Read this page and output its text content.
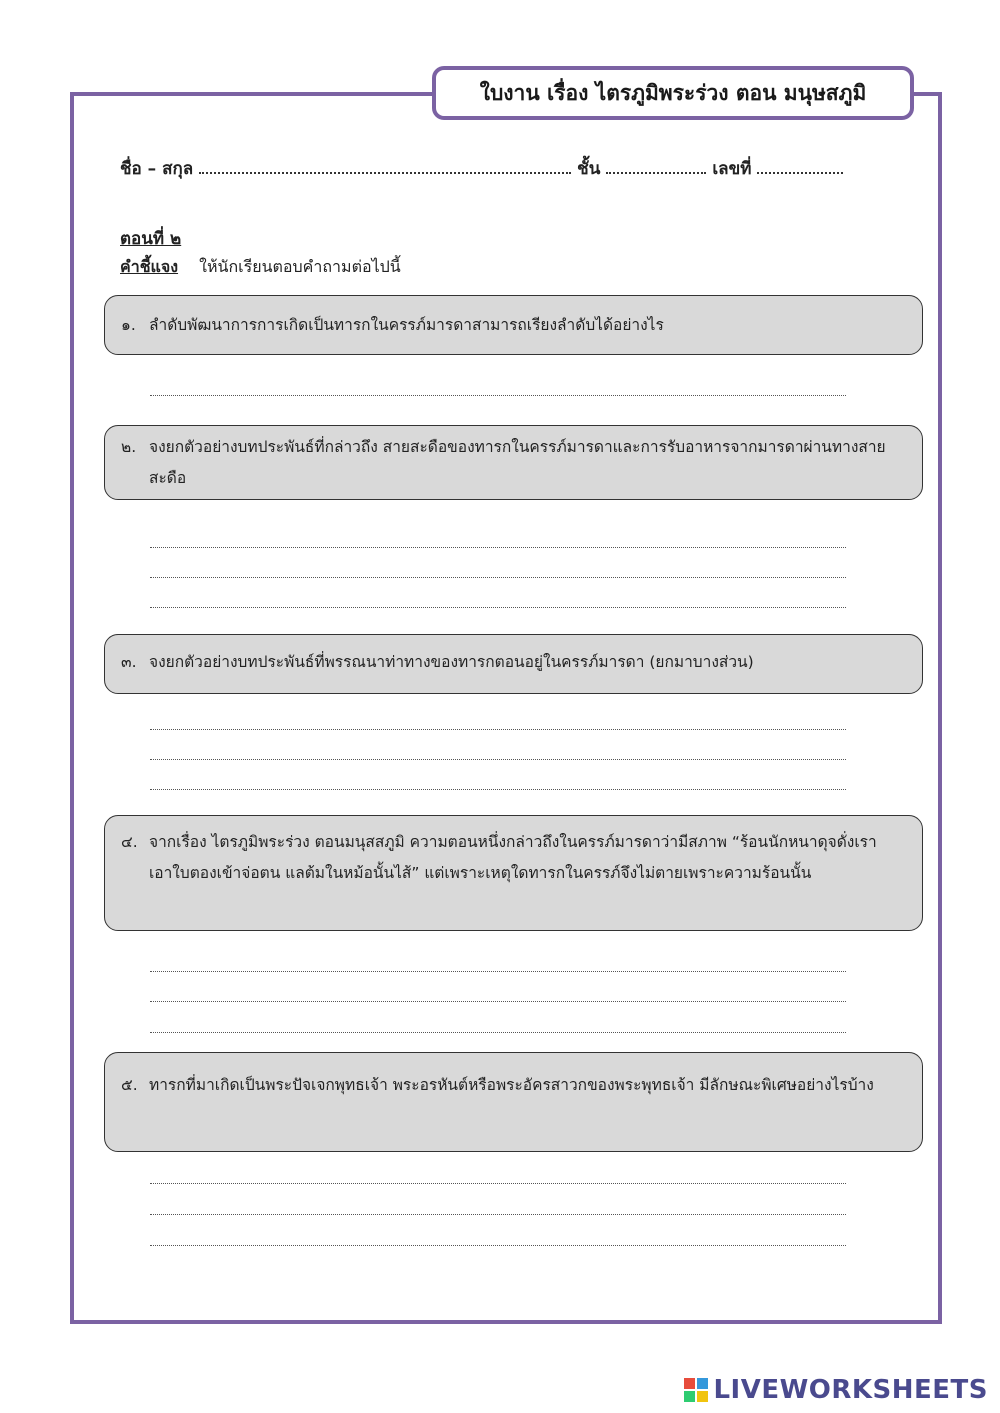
ใบงาน เรื่อง ไตรภูมิพระร่วง ตอน มนุษสภูมิ
ชื่อ – สกุล	ชั้น	เลขที่
ตอนที่ ๒
คำชี้แจง ให้นักเรียนตอบคำถามต่อไปนี้
๑. ลำดับพัฒนาการการเกิดเป็นทารกในครรภ์มารดาสามารถเรียงลำดับได้อย่างไร
๒. จงยกตัวอย่างบทประพันธ์ที่กล่าวถึง สายสะดือของทารกในครรภ์มารดาและการรับอาหารจากมารดาผ่านทางสายสะดือ
๓. จงยกตัวอย่างบทประพันธ์ที่พรรณนาท่าทางของทารกตอนอยู่ในครรภ์มารดา (ยกมาบางส่วน)
๔. จากเรื่อง ไตรภูมิพระร่วง ตอนมนุสสภูมิ ความตอนหนึ่งกล่าวถึงในครรภ์มารดาว่ามีสภาพ “ร้อนนักหนาดุจดั่งเรา เอาใบตองเข้าจ่อตน แลต้มในหม้อนั้นไส้” แต่เพราะเหตุใดทารกในครรภ์จึงไม่ตายเพราะความร้อนนั้น
๕. ทารกที่มาเกิดเป็นพระปัจเจกพุทธเจ้า พระอรหันต์หรือพระอัครสาวกของพระพุทธเจ้า มีลักษณะพิเศษอย่างไรบ้าง
LIVEWORKSHEETS
